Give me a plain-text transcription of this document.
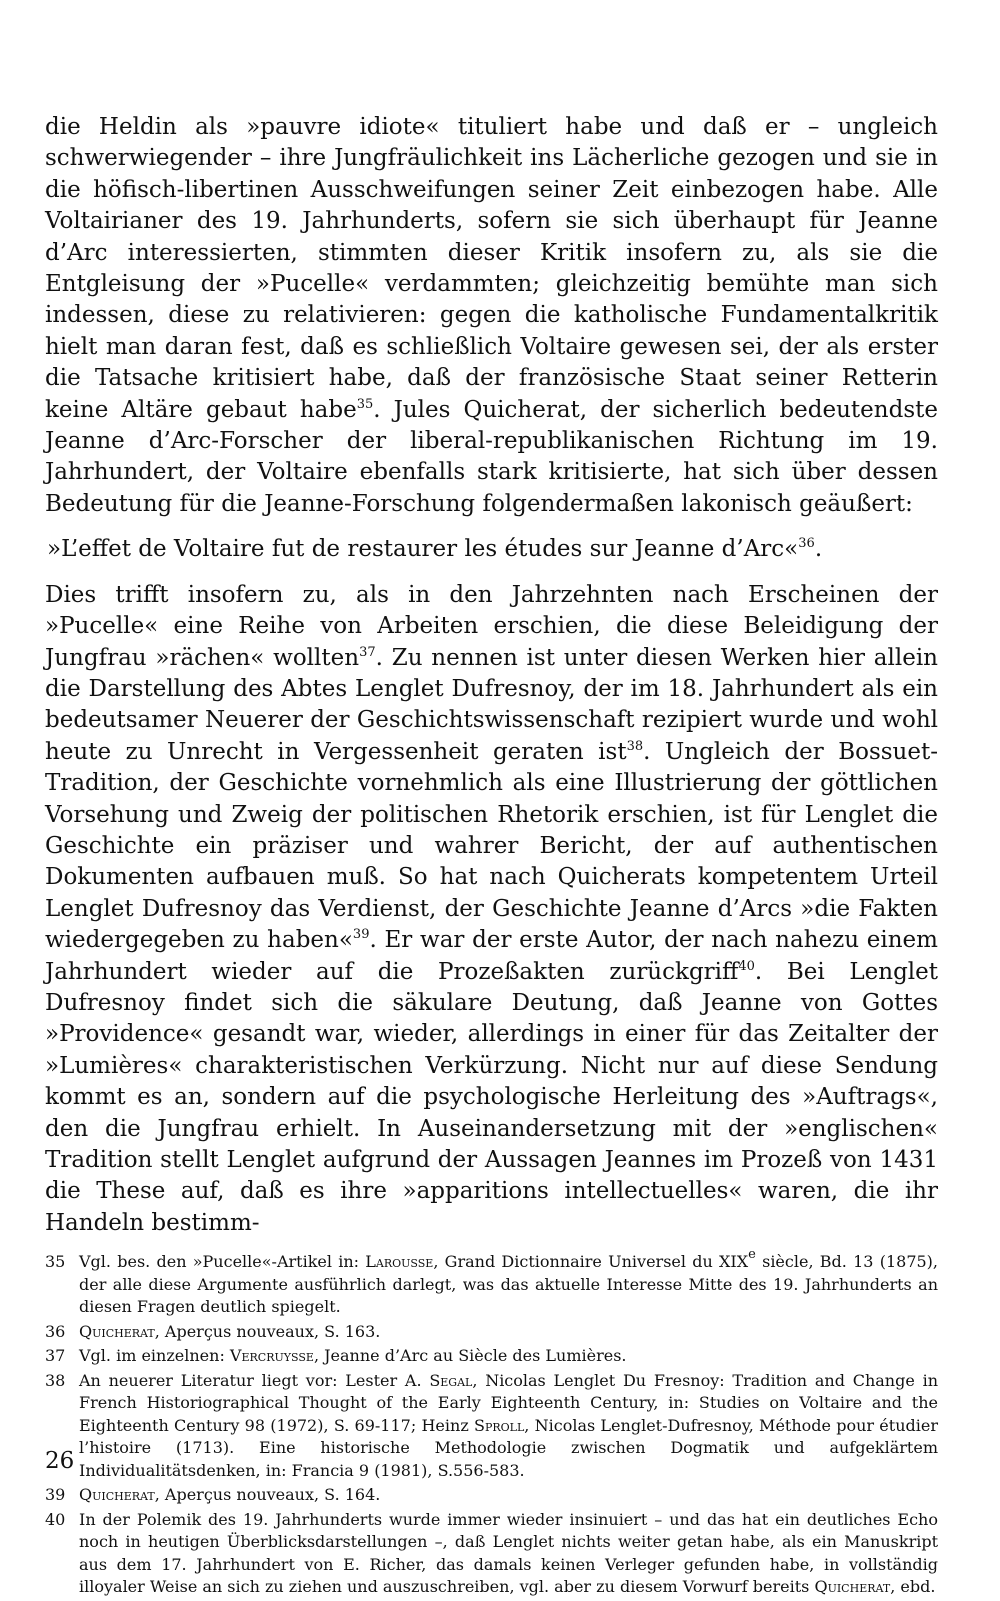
die Heldin als »pauvre idiote« tituliert habe und daß er – ungleich schwerwiegender – ihre Jungfräulichkeit ins Lächerliche gezogen und sie in die höfisch-libertinen Ausschweifungen seiner Zeit einbezogen habe. Alle Voltairianer des 19. Jahrhunderts, sofern sie sich überhaupt für Jeanne d’Arc interessierten, stimmten dieser Kritik insofern zu, als sie die Entgleisung der »Pucelle« verdammten; gleichzeitig bemühte man sich indessen, diese zu relativieren: gegen die katholische Fundamentalkritik hielt man daran fest, daß es schließlich Voltaire gewesen sei, der als erster die Tatsache kritisiert habe, daß der französische Staat seiner Retterin keine Altäre gebaut habe$^{35}$. Jules Quicherat, der sicherlich bedeutendste Jeanne d’Arc-Forscher der liberal-republikanischen Richtung im 19. Jahrhundert, der Voltaire ebenfalls stark kritisierte, hat sich über dessen Bedeutung für die Jeanne-Forschung folgendermaßen lakonisch geäußert:

»L’effet de Voltaire fut de restaurer les études sur Jeanne d’Arc«$^{36}$.

Dies trifft insofern zu, als in den Jahrzehnten nach Erscheinen der »Pucelle« eine Reihe von Arbeiten erschien, die diese Beleidigung der Jungfrau »rächen« wollten$^{37}$. Zu nennen ist unter diesen Werken hier allein die Darstellung des Abtes Lenglet Dufresnoy, der im 18. Jahrhundert als ein bedeutsamer Neuerer der Geschichtswissenschaft rezipiert wurde und wohl heute zu Unrecht in Vergessenheit geraten ist$^{38}$. Ungleich der Bossuet-Tradition, der Geschichte vornehmlich als eine Illustrierung der göttlichen Vorsehung und Zweig der politischen Rhetorik erschien, ist für Lenglet die Geschichte ein präziser und wahrer Bericht, der auf authentischen Dokumenten aufbauen muß. So hat nach Quicherats kompetentem Urteil Lenglet Dufresnoy das Verdienst, der Geschichte Jeanne d’Arcs »die Fakten wiedergegeben zu haben«$^{39}$. Er war der erste Autor, der nach nahezu einem Jahrhundert wieder auf die Prozeßakten zurückgriff$^{40}$. Bei Lenglet Dufresnoy findet sich die säkulare Deutung, daß Jeanne von Gottes »Providence« gesandt war, wieder, allerdings in einer für das Zeitalter der »Lumières« charakteristischen Verkürzung. Nicht nur auf diese Sendung kommt es an, sondern auf die psychologische Herleitung des »Auftrags«, den die Jungfrau erhielt. In Auseinandersetzung mit der »englischen« Tradition stellt Lenglet aufgrund der Aussagen Jeannes im Prozeß von 1431 die These auf, daß es ihre »apparitions intellectuelles« waren, die ihr Handeln bestimm-

35 Vgl. bes. den »Pucelle«-Artikel in: Larousse, Grand Dictionnaire Universel du XIXe siècle, Bd. 13 (1875), der alle diese Argumente ausführlich darlegt, was das aktuelle Interesse Mitte des 19. Jahrhunderts an diesen Fragen deutlich spiegelt.
36 Quicherat, Aperçus nouveaux, S. 163.
37 Vgl. im einzelnen: Vercruysse, Jeanne d’Arc au Siècle des Lumières.
38 An neuerer Literatur liegt vor: Lester A. Segal, Nicolas Lenglet Du Fresnoy: Tradition and Change in French Historiographical Thought of the Early Eighteenth Century, in: Studies on Voltaire and the Eighteenth Century 98 (1972), S. 69-117; Heinz Sproll, Nicolas Lenglet-Dufresnoy, Méthode pour étudier l’histoire (1713). Eine historische Methodologie zwischen Dogmatik und aufgeklärtem Individualitätsdenken, in: Francia 9 (1981), S.556-583.
39 Quicherat, Aperçus nouveaux, S. 164.
40 In der Polemik des 19. Jahrhunderts wurde immer wieder insinuiert – und das hat ein deutliches Echo noch in heutigen Überblicksdarstellungen –, daß Lenglet nichts weiter getan habe, als ein Manuskript aus dem 17. Jahrhundert von E. Richer, das damals keinen Verleger gefunden habe, in vollständig illoyaler Weise an sich zu ziehen und auszuschreiben, vgl. aber zu diesem Vorwurf bereits Quicherat, ebd.
26
